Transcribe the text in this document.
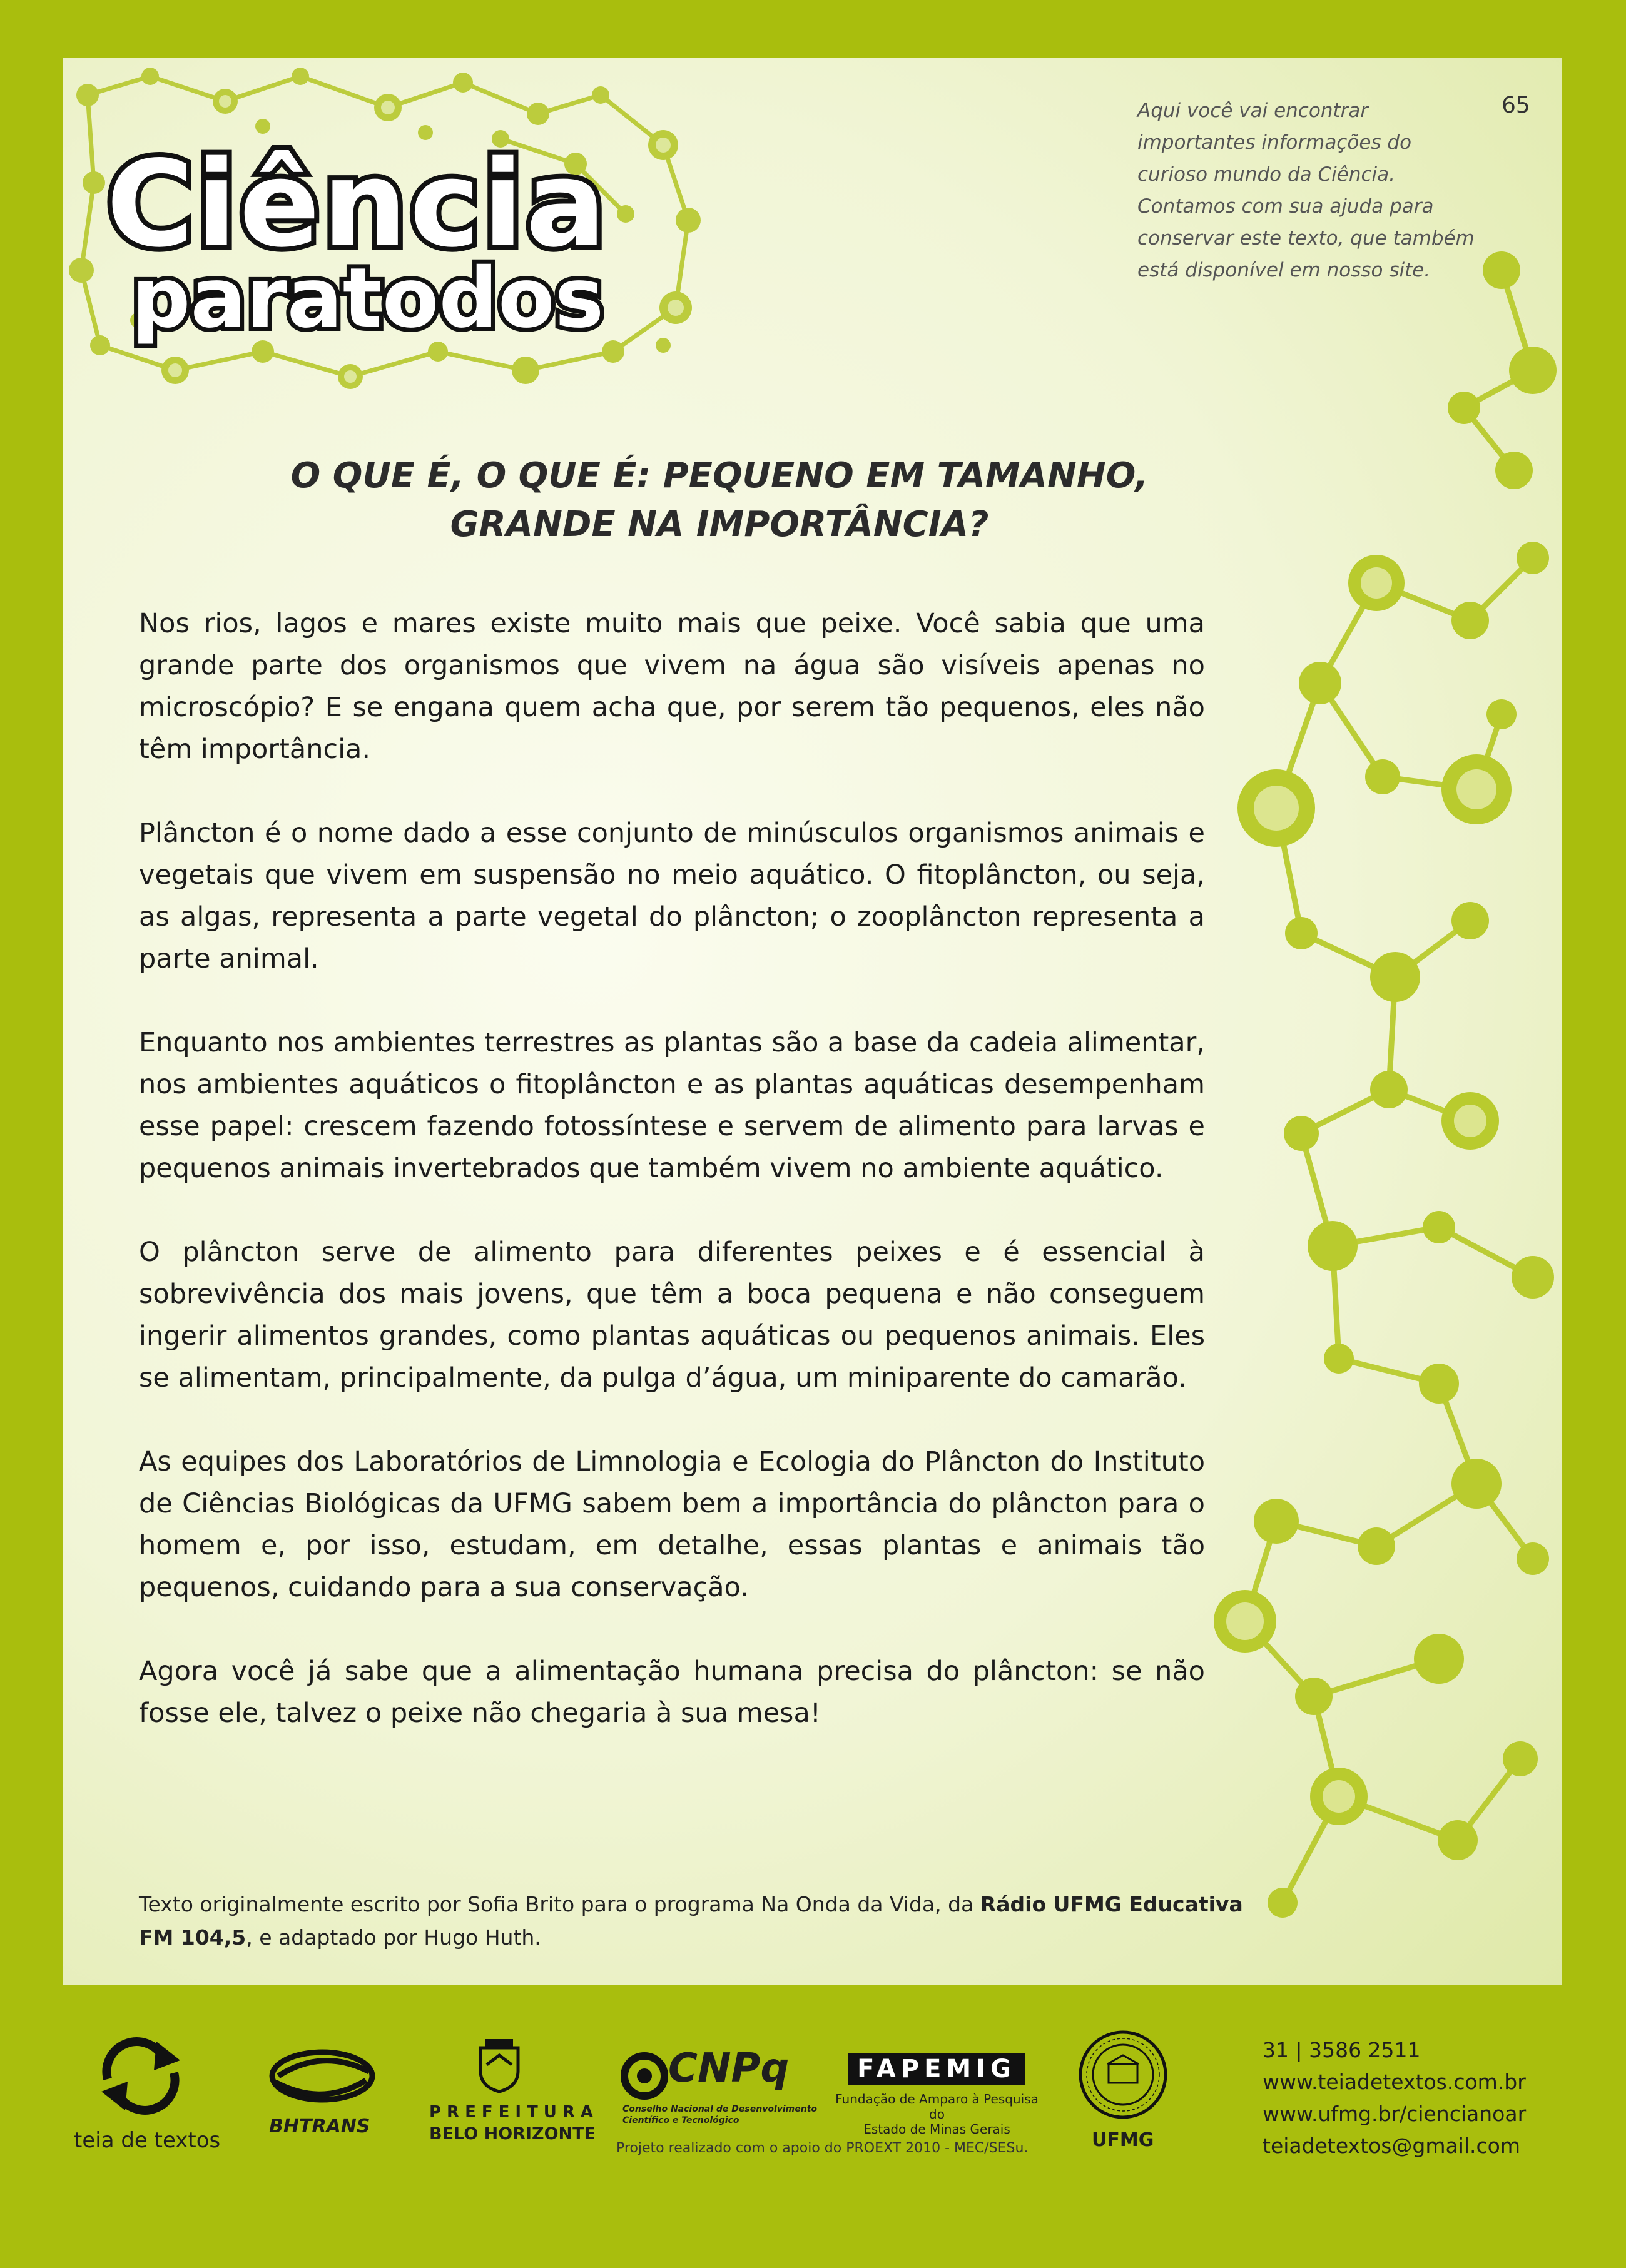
Ciência
paratodos
Aqui você vai encontrar
importantes informações do
curioso mundo da Ciência.
Contamos com sua ajuda para
conservar este texto, que também
está disponível em nosso site.
65
O QUE É, O QUE É: PEQUENO EM TAMANHO,
GRANDE NA IMPORTÂNCIA?

Nos rios, lagos e mares existe muito mais que peixe. Você sabia que uma grande parte dos organismos que vivem na água são visíveis apenas no microscópio? E se engana quem acha que, por serem tão pequenos, eles não têm importância.

Plâncton é o nome dado a esse conjunto de minúsculos organismos animais e vegetais que vivem em suspensão no meio aquático. O fitoplâncton, ou seja, as algas, representa a parte vegetal do plâncton; o zooplâncton representa a parte animal.

Enquanto nos ambientes terrestres as plantas são a base da cadeia alimentar, nos ambientes aquáticos o fitoplâncton e as plantas aquáticas desempenham esse papel: crescem fazendo fotossíntese e servem de alimento para larvas e pequenos animais invertebrados que também vivem no ambiente aquático.

O plâncton serve de alimento para diferentes peixes e é essencial à sobrevivência dos mais jovens, que têm a boca pequena e não conseguem ingerir alimentos grandes, como plantas aquáticas ou pequenos animais. Eles se alimentam, principalmente, da pulga d’água, um miniparente do camarão.

As equipes dos Laboratórios de Limnologia e Ecologia do Plâncton do Instituto de Ciências Biológicas da UFMG sabem bem a importância do plâncton para o homem e, por isso, estudam, em detalhe, essas plantas e animais tão pequenos, cuidando para a sua conservação.

Agora você já sabe que a alimentação humana precisa do plâncton: se não fosse ele, talvez o peixe não chegaria à sua mesa!

Texto originalmente escrito por Sofia Brito para o programa Na Onda da Vida, da Rádio UFMG Educativa FM 104,5, e adaptado por Hugo Huth.
teia de textos
BHTRANS
PREFEITURA
BELO HORIZONTE
CNPq
Conselho Nacional de Desenvolvimento
Científico e Tecnológico
FAPEMIG
Fundação de Amparo à Pesquisa do
Estado de Minas Gerais
Projeto realizado com o apoio do PROEXT 2010 - MEC/SESu.	UFMG
31 | 3586 2511
www.teiadetextos.com.br
www.ufmg.br/ciencianoar
teiadetextos@gmail.com
